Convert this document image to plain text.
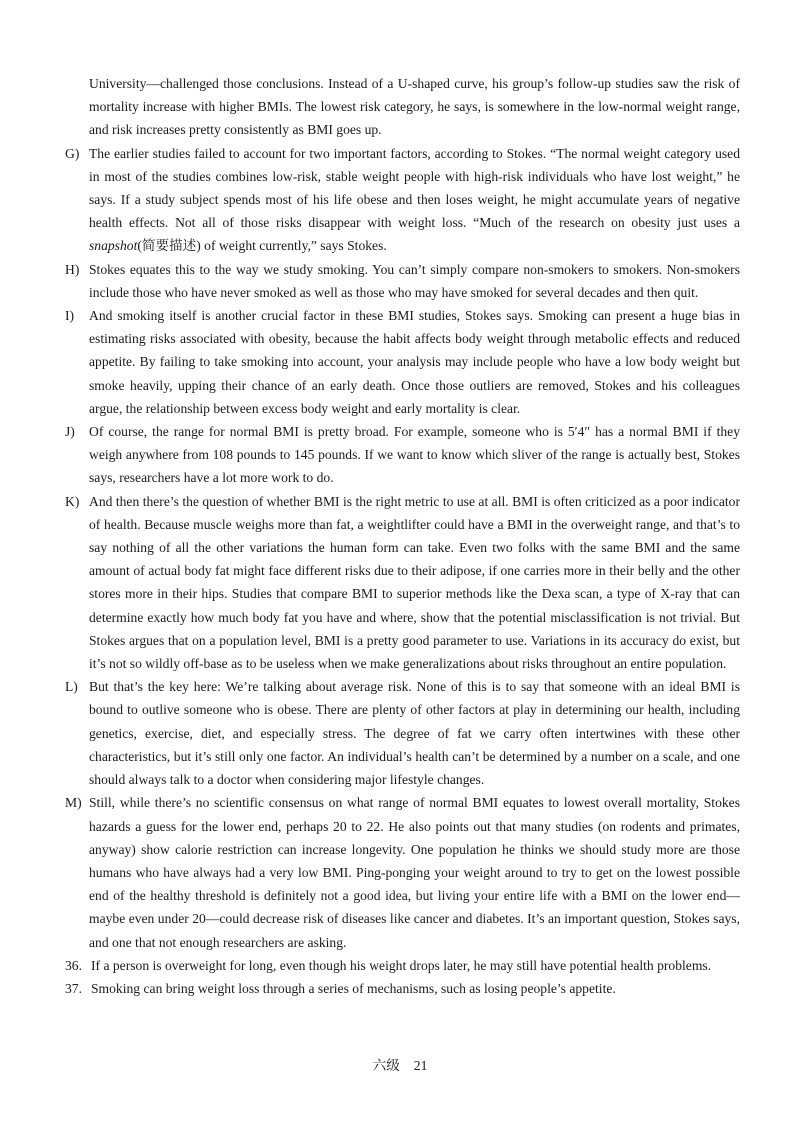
University—challenged those conclusions. Instead of a U-shaped curve, his group’s follow-up studies saw the risk of mortality increase with higher BMIs. The lowest risk category, he says, is somewhere in the low-normal weight range, and risk increases pretty consistently as BMI goes up.

G) The earlier studies failed to account for two important factors, according to Stokes. “The normal weight category used in most of the studies combines low-risk, stable weight people with high-risk individuals who have lost weight,” he says. If a study subject spends most of his life obese and then loses weight, he might accumulate years of negative health effects. Not all of those risks disappear with weight loss. “Much of the research on obesity just uses a snapshot(简要描述) of weight currently,” says Stokes.

H) Stokes equates this to the way we study smoking. You can’t simply compare non-smokers to smokers. Non-smokers include those who have never smoked as well as those who may have smoked for several decades and then quit.

I) And smoking itself is another crucial factor in these BMI studies, Stokes says. Smoking can present a huge bias in estimating risks associated with obesity, because the habit affects body weight through metabolic effects and reduced appetite. By failing to take smoking into account, your analysis may include people who have a low body weight but smoke heavily, upping their chance of an early death. Once those outliers are removed, Stokes and his colleagues argue, the relationship between excess body weight and early mortality is clear.

J) Of course, the range for normal BMI is pretty broad. For example, someone who is 5′4″ has a normal BMI if they weigh anywhere from 108 pounds to 145 pounds. If we want to know which sliver of the range is actually best, Stokes says, researchers have a lot more work to do.

K) And then there’s the question of whether BMI is the right metric to use at all. BMI is often criticized as a poor indicator of health. Because muscle weighs more than fat, a weightlifter could have a BMI in the overweight range, and that’s to say nothing of all the other variations the human form can take. Even two folks with the same BMI and the same amount of actual body fat might face different risks due to their adipose, if one carries more in their belly and the other stores more in their hips. Studies that compare BMI to superior methods like the Dexa scan, a type of X-ray that can determine exactly how much body fat you have and where, show that the potential misclassification is not trivial. But Stokes argues that on a population level, BMI is a pretty good parameter to use. Variations in its accuracy do exist, but it’s not so wildly off-base as to be useless when we make generalizations about risks throughout an entire population.

L) But that’s the key here: We’re talking about average risk. None of this is to say that someone with an ideal BMI is bound to outlive someone who is obese. There are plenty of other factors at play in determining our health, including genetics, exercise, diet, and especially stress. The degree of fat we carry often intertwines with these other characteristics, but it’s still only one factor. An individual’s health can’t be determined by a number on a scale, and one should always talk to a doctor when considering major lifestyle changes.

M) Still, while there’s no scientific consensus on what range of normal BMI equates to lowest overall mortality, Stokes hazards a guess for the lower end, perhaps 20 to 22. He also points out that many studies (on rodents and primates, anyway) show calorie restriction can increase longevity. One population he thinks we should study more are those humans who have always had a very low BMI. Ping-ponging your weight around to try to get on the lowest possible end of the healthy threshold is definitely not a good idea, but living your entire life with a BMI on the lower end—maybe even under 20—could decrease risk of diseases like cancer and diabetes. It’s an important question, Stokes says, and one that not enough researchers are asking.

36. If a person is overweight for long, even though his weight drops later, he may still have potential health problems.

37. Smoking can bring weight loss through a series of mechanisms, such as losing people’s appetite.

六级 21
